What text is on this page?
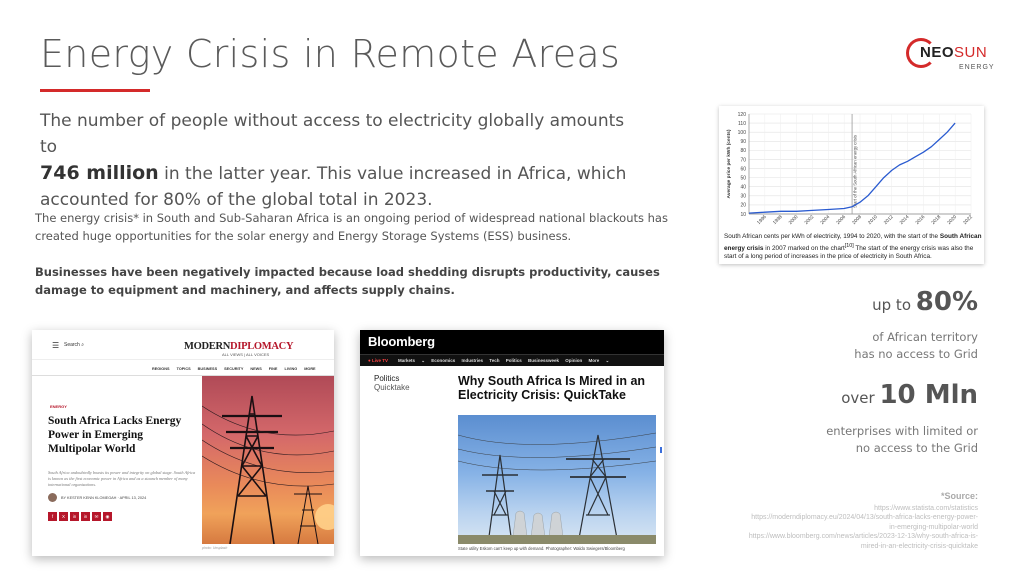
Energy Crisis in Remote Areas	NEOSUN
ENERGY
The number of people without access to electricity globally amounts to
746 million in the latter year. This value increased in Africa, which accounted for 80% of the global total in 2023.
The energy crisis* in South and Sub-Saharan Africa is an ongoing period of widespread national blackouts has created huge opportunities for the solar energy and Energy Storage Systems (ESS) business.
Businesses have been negatively impacted because load shedding disrupts productivity, causes damage to equipment and machinery, and affects supply chains.
10
20
30
40
50
60
70
80
90
100
110
120
1996 1998 2000 2002 2004 2006 2008 2010 2012 2014 2016 2018 2020 2022
Average price per kWh (cents)	Start of the South African energy crisis
South African cents per kWh of electricity, 1994 to 2020, with the start of the South African energy crisis in 2007 marked on the chart[10] The start of the energy crisis was also the start of a long period of increases in the price of electricity in South Africa.
up to 80%
of African territory
has no access to Grid
over 10 Mln
enterprises with limited or
no access to the Grid
*Source:
https://www.statista.com/statistics
https://moderndiplomacy.eu/2024/04/13/south-africa-lacks-energy-power-in-emerging-multipolar-world
https://www.bloomberg.com/news/articles/2023-12-13/why-south-africa-is-mired-in-an-electricity-crisis-quicktake
☰ Search ⌕	MODERNDIPLOMACY
ALL VIEWS | ALL VOICES
REGIONS TOPICS BUSINESS SECURITY NEWS FINE LIVING MORE
ENERGY
South Africa Lacks Energy Power in Emerging Multipolar World
South Africa undoubtedly boasts its power and integrity on global stage. South Africa is known as the first economic power in Africa and as a staunch member of many international organizations.
BY KESTER KENN KLOMEGAH · APRIL 13, 2024
f	X	in	in	✉	◉
photo: Unsplash
Bloomberg
● Live TV Markets ⌄ Economics Industries Tech Politics Businessweek Opinion More ⌄
Politics
Quicktake	Why South Africa Is Mired in an Electricity Crisis: QuickTake
State utility Eskom can't keep up with demand. Photographer: Waldo Swiegers/Bloomberg
